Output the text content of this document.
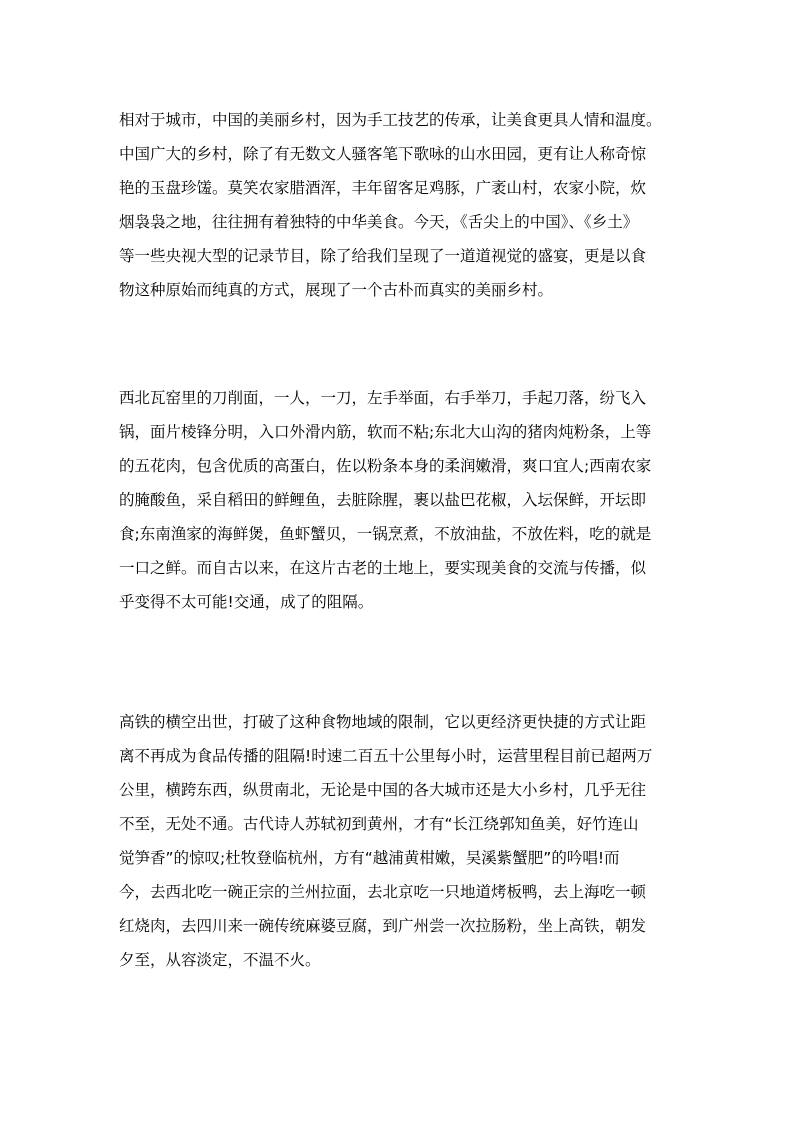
相对于城市，中国的美丽乡村，因为手工技艺的传承，让美食更具人情和温度。
中国广大的乡村，除了有无数文人骚客笔下歌咏的山水田园，更有让人称奇惊
艳的玉盘珍馐。莫笑农家腊酒浑，丰年留客足鸡豚，广袤山村，农家小院，炊
烟袅袅之地，往往拥有着独特的中华美食。今天，《舌尖上的中国》、《乡土》
等一些央视大型的记录节目，除了给我们呈现了一道道视觉的盛宴，更是以食
物这种原始而纯真的方式，展现了一个古朴而真实的美丽乡村。
西北瓦窑里的刀削面，一人，一刀，左手举面，右手举刀，手起刀落，纷飞入
锅，面片棱锋分明，入口外滑内筋，软而不粘;东北大山沟的猪肉炖粉条，上等
的五花肉，包含优质的高蛋白，佐以粉条本身的柔润嫩滑，爽口宜人;西南农家
的腌酸鱼，采自稻田的鲜鲤鱼，去脏除腥，裹以盐巴花椒，入坛保鲜，开坛即
食;东南渔家的海鲜煲，鱼虾蟹贝，一锅烹煮，不放油盐，不放佐料，吃的就是
一口之鲜。而自古以来，在这片古老的土地上，要实现美食的交流与传播，似
乎变得不太可能!交通，成了的阻隔。
高铁的横空出世，打破了这种食物地域的限制，它以更经济更快捷的方式让距
离不再成为食品传播的阻隔!时速二百五十公里每小时，运营里程目前已超两万
公里，横跨东西，纵贯南北，无论是中国的各大城市还是大小乡村，几乎无往
不至，无处不通。古代诗人苏轼初到黄州，才有“长江绕郭知鱼美，好竹连山
觉笋香”的惊叹;杜牧登临杭州，方有“越浦黄柑嫩，吴溪紫蟹肥”的吟唱!而
今，去西北吃一碗正宗的兰州拉面，去北京吃一只地道烤板鸭，去上海吃一顿
红烧肉，去四川来一碗传统麻婆豆腐，到广州尝一次拉肠粉，坐上高铁，朝发
夕至，从容淡定，不温不火。
